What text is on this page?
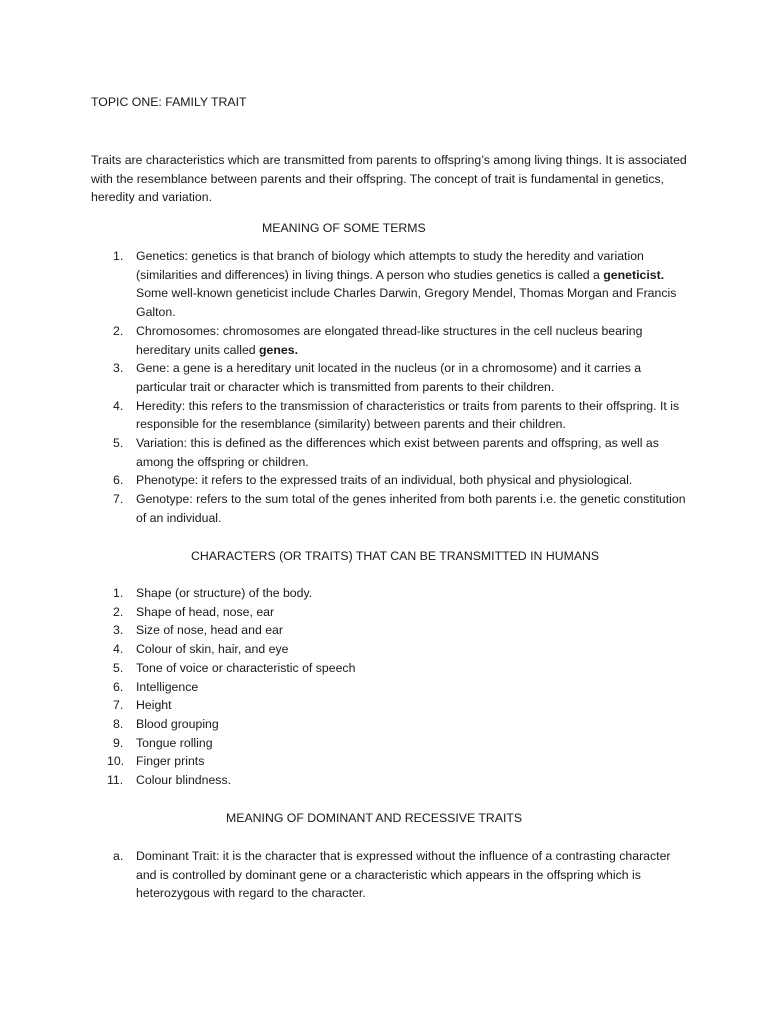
TOPIC ONE: FAMILY TRAIT

Traits are characteristics which are transmitted from parents to offspring’s among living things. It is associated with the resemblance between parents and their offspring. The concept of trait is fundamental in genetics, heredity and variation.

MEANING OF SOME TERMS
1. Genetics: genetics is that branch of biology which attempts to study the heredity and variation (similarities and differences) in living things. A person who studies genetics is called a geneticist. Some well-known geneticist include Charles Darwin, Gregory Mendel, Thomas Morgan and Francis Galton.
2. Chromosomes: chromosomes are elongated thread-like structures in the cell nucleus bearing hereditary units called genes.
3. Gene: a gene is a hereditary unit located in the nucleus (or in a chromosome) and it carries a particular trait or character which is transmitted from parents to their children.
4. Heredity: this refers to the transmission of characteristics or traits from parents to their offspring. It is responsible for the resemblance (similarity) between parents and their children.
5. Variation: this is defined as the differences which exist between parents and offspring, as well as among the offspring or children.
6. Phenotype: it refers to the expressed traits of an individual, both physical and physiological.
7. Genotype: refers to the sum total of the genes inherited from both parents i.e. the genetic constitution of an individual.
CHARACTERS (OR TRAITS) THAT CAN BE TRANSMITTED IN HUMANS
1. Shape (or structure) of the body.
2. Shape of head, nose, ear
3. Size of nose, head and ear
4. Colour of skin, hair, and eye
5. Tone of voice or characteristic of speech
6. Intelligence
7. Height
8. Blood grouping
9. Tongue rolling
10. Finger prints
11. Colour blindness.
MEANING OF DOMINANT AND RECESSIVE TRAITS
a. Dominant Trait: it is the character that is expressed without the influence of a contrasting character and is controlled by dominant gene or a characteristic which appears in the offspring which is heterozygous with regard to the character.
